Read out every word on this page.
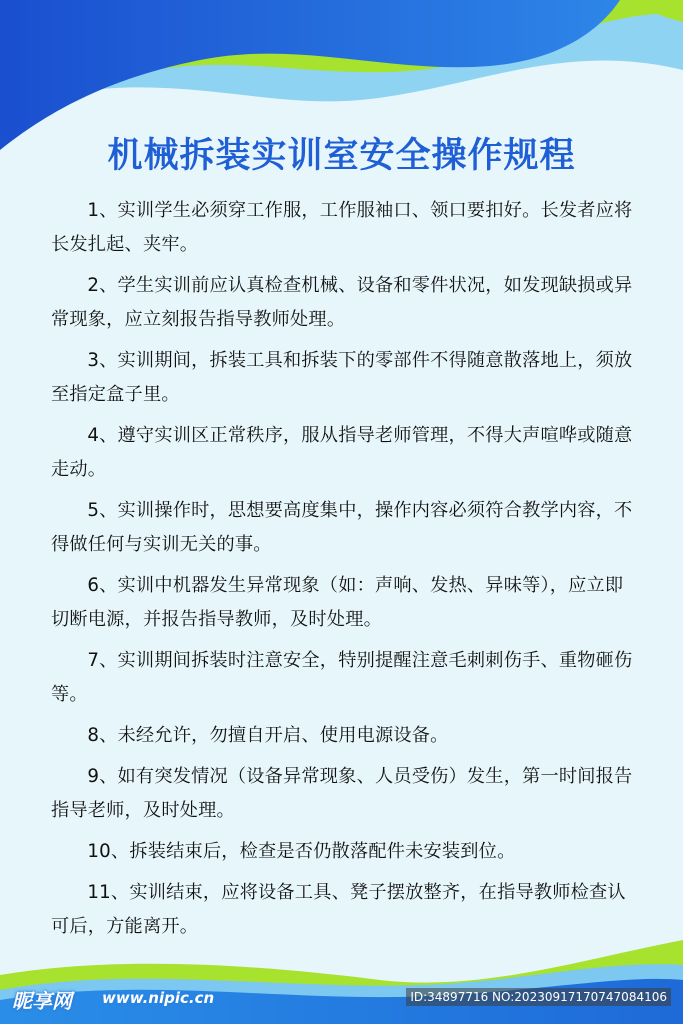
机械拆装实训室安全操作规程

1、实训学生必须穿工作服，工作服袖口、领口要扣好。长发者应将长发扎起、夹牢。

2、学生实训前应认真检查机械、设备和零件状况，如发现缺损或异常现象，应立刻报告指导教师处理。

3、实训期间，拆装工具和拆装下的零部件不得随意散落地上，须放至指定盒子里。

4、遵守实训区正常秩序，服从指导老师管理，不得大声喧哗或随意走动。

5、实训操作时，思想要高度集中，操作内容必须符合教学内容，不得做任何与实训无关的事。

6、实训中机器发生异常现象（如：声响、发热、异味等），应立即切断电源，并报告指导教师，及时处理。

7、实训期间拆装时注意安全，特别提醒注意毛刺刺伤手、重物砸伤等。

8、未经允许，勿擅自开启、使用电源设备。

9、如有突发情况（设备异常现象、人员受伤）发生，第一时间报告指导老师，及时处理。

10、拆装结束后，检查是否仍散落配件未安装到位。

11、实训结束，应将设备工具、凳子摆放整齐，在指导教师检查认可后，方能离开。

昵享网 www.nipic.cn	ID:34897716 NO:20230917170747084106
